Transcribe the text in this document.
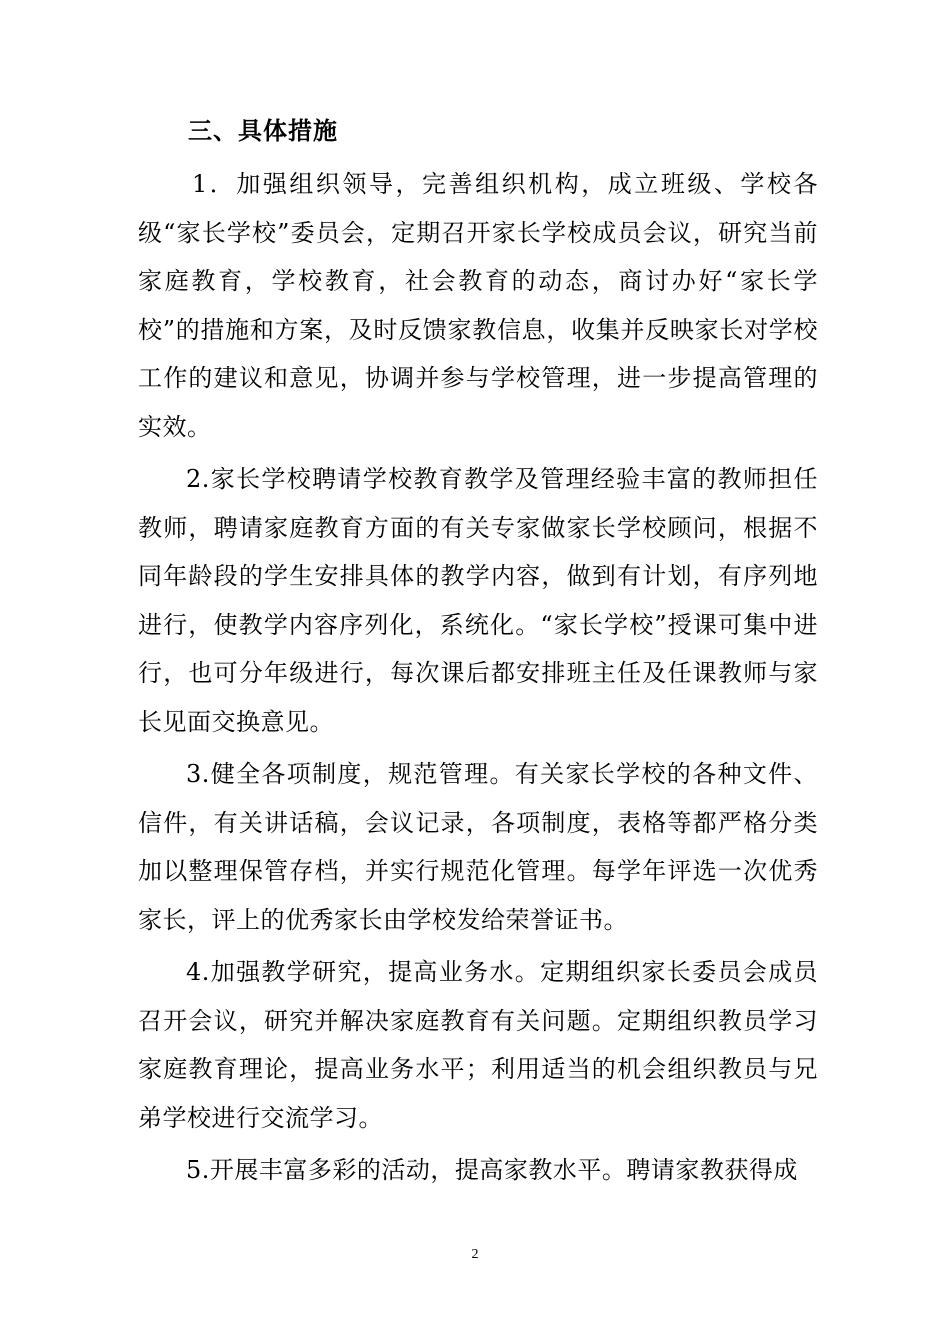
三、具体措施

1．加强组织领导，完善组织机构，成立班级、学校各级“家长学校”委员会，定期召开家长学校成员会议，研究当前家庭教育，学校教育，社会教育的动态，商讨办好“家长学校”的措施和方案，及时反馈家教信息，收集并反映家长对学校工作的建议和意见，协调并参与学校管理，进一步提高管理的实效。

2.家长学校聘请学校教育教学及管理经验丰富的教师担任教师，聘请家庭教育方面的有关专家做家长学校顾问，根据不同年龄段的学生安排具体的教学内容，做到有计划，有序列地进行，使教学内容序列化，系统化。“家长学校”授课可集中进行，也可分年级进行，每次课后都安排班主任及任课教师与家长见面交换意见。

3.健全各项制度，规范管理。有关家长学校的各种文件、信件，有关讲话稿，会议记录，各项制度，表格等都严格分类加以整理保管存档，并实行规范化管理。每学年评选一次优秀家长，评上的优秀家长由学校发给荣誉证书。

4.加强教学研究，提高业务水。定期组织家长委员会成员召开会议，研究并解决家庭教育有关问题。定期组织教员学习家庭教育理论，提高业务水平；利用适当的机会组织教员与兄弟学校进行交流学习。

5.开展丰富多彩的活动，提高家教水平。聘请家教获得成

2
